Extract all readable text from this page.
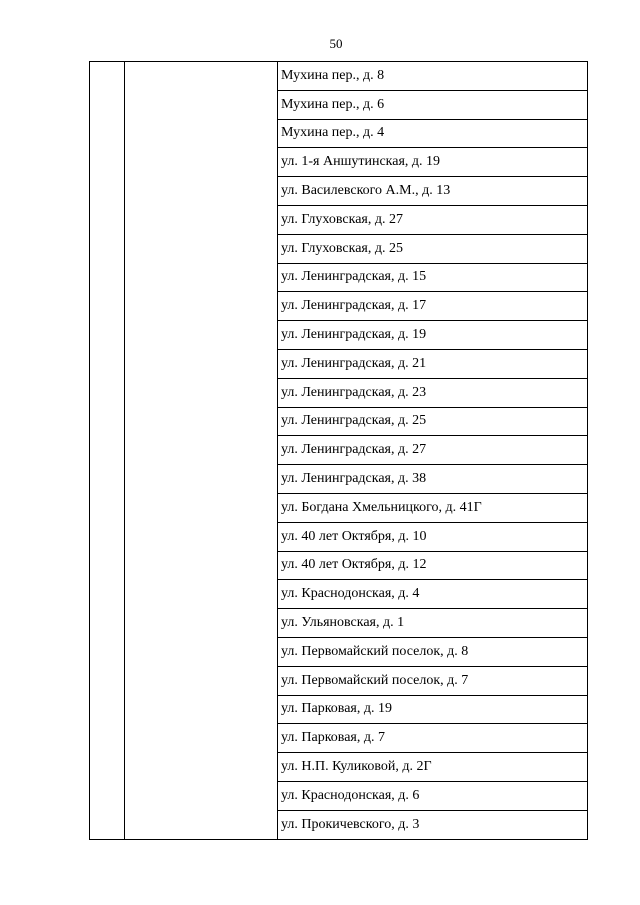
50
		Мухина пер., д. 8
Мухина пер., д. 6
Мухина пер., д. 4
ул. 1-я Аншутинская, д. 19
ул. Василевского А.М., д. 13
ул. Глуховская, д. 27
ул. Глуховская, д. 25
ул. Ленинградская, д. 15
ул. Ленинградская, д. 17
ул. Ленинградская, д. 19
ул. Ленинградская, д. 21
ул. Ленинградская, д. 23
ул. Ленинградская, д. 25
ул. Ленинградская, д. 27
ул. Ленинградская, д. 38
ул. Богдана Хмельницкого, д. 41Г
ул. 40 лет Октября, д. 10
ул. 40 лет Октября, д. 12
ул. Краснодонская, д. 4
ул. Ульяновская, д. 1
ул. Первомайский поселок, д. 8
ул. Первомайский поселок, д. 7
ул. Парковая, д. 19
ул. Парковая, д. 7
ул. Н.П. Куликовой, д. 2Г
ул. Краснодонская, д. 6
ул. Прокичевского, д. 3
